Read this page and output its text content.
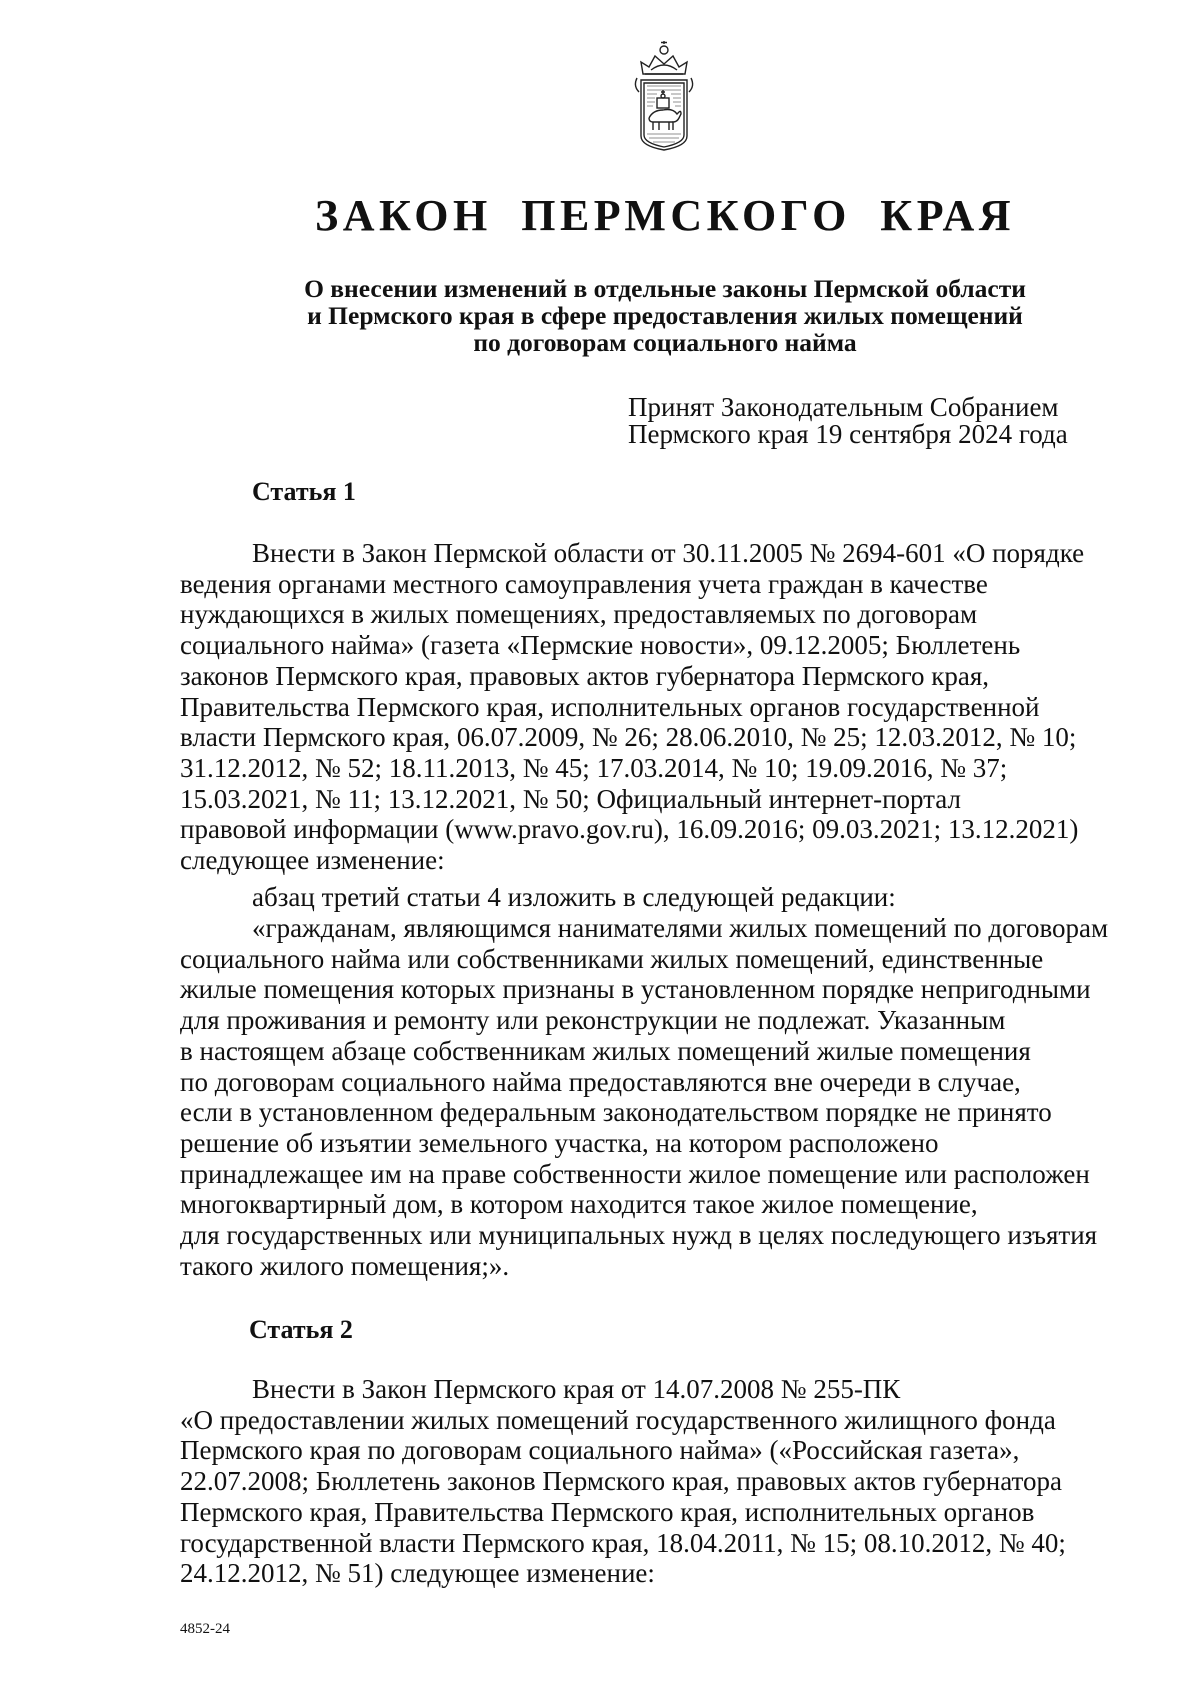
ЗАКОН ПЕРМСКОГО КРАЯ
О внесении изменений в отдельные законы Пермской области
и Пермского края в сфере предоставления жилых помещений
по договорам социального найма
Принят Законодательным Собранием
Пермского края 19 сентября 2024 года
Статья 1
Внести в Закон Пермской области от 30.11.2005 № 2694-601 «О порядке
ведения органами местного самоуправления учета граждан в качестве
нуждающихся в жилых помещениях, предоставляемых по договорам
социального найма» (газета «Пермские новости», 09.12.2005; Бюллетень
законов Пермского края, правовых актов губернатора Пермского края,
Правительства Пермского края, исполнительных органов государственной
власти Пермского края, 06.07.2009, № 26; 28.06.2010, № 25; 12.03.2012, № 10;
31.12.2012, № 52; 18.11.2013, № 45; 17.03.2014, № 10; 19.09.2016, № 37;
15.03.2021, № 11; 13.12.2021, № 50; Официальный интернет-портал
правовой информации (www.pravo.gov.ru), 16.09.2016; 09.03.2021; 13.12.2021)
следующее изменение:
абзац третий статьи 4 изложить в следующей редакции:
«гражданам, являющимся нанимателями жилых помещений по договорам
социального найма или собственниками жилых помещений, единственные
жилые помещения которых признаны в установленном порядке непригодными
для проживания и ремонту или реконструкции не подлежат. Указанным
в настоящем абзаце собственникам жилых помещений жилые помещения
по договорам социального найма предоставляются вне очереди в случае,
если в установленном федеральным законодательством порядке не принято
решение об изъятии земельного участка, на котором расположено
принадлежащее им на праве собственности жилое помещение или расположен
многоквартирный дом, в котором находится такое жилое помещение,
для государственных или муниципальных нужд в целях последующего изъятия
такого жилого помещения;».
Статья 2
Внести в Закон Пермского края от 14.07.2008 № 255-ПК
«О предоставлении жилых помещений государственного жилищного фонда
Пермского края по договорам социального найма» («Российская газета»,
22.07.2008; Бюллетень законов Пермского края, правовых актов губернатора
Пермского края, Правительства Пермского края, исполнительных органов
государственной власти Пермского края, 18.04.2011, № 15; 08.10.2012, № 40;
24.12.2012, № 51) следующее изменение:
4852-24
